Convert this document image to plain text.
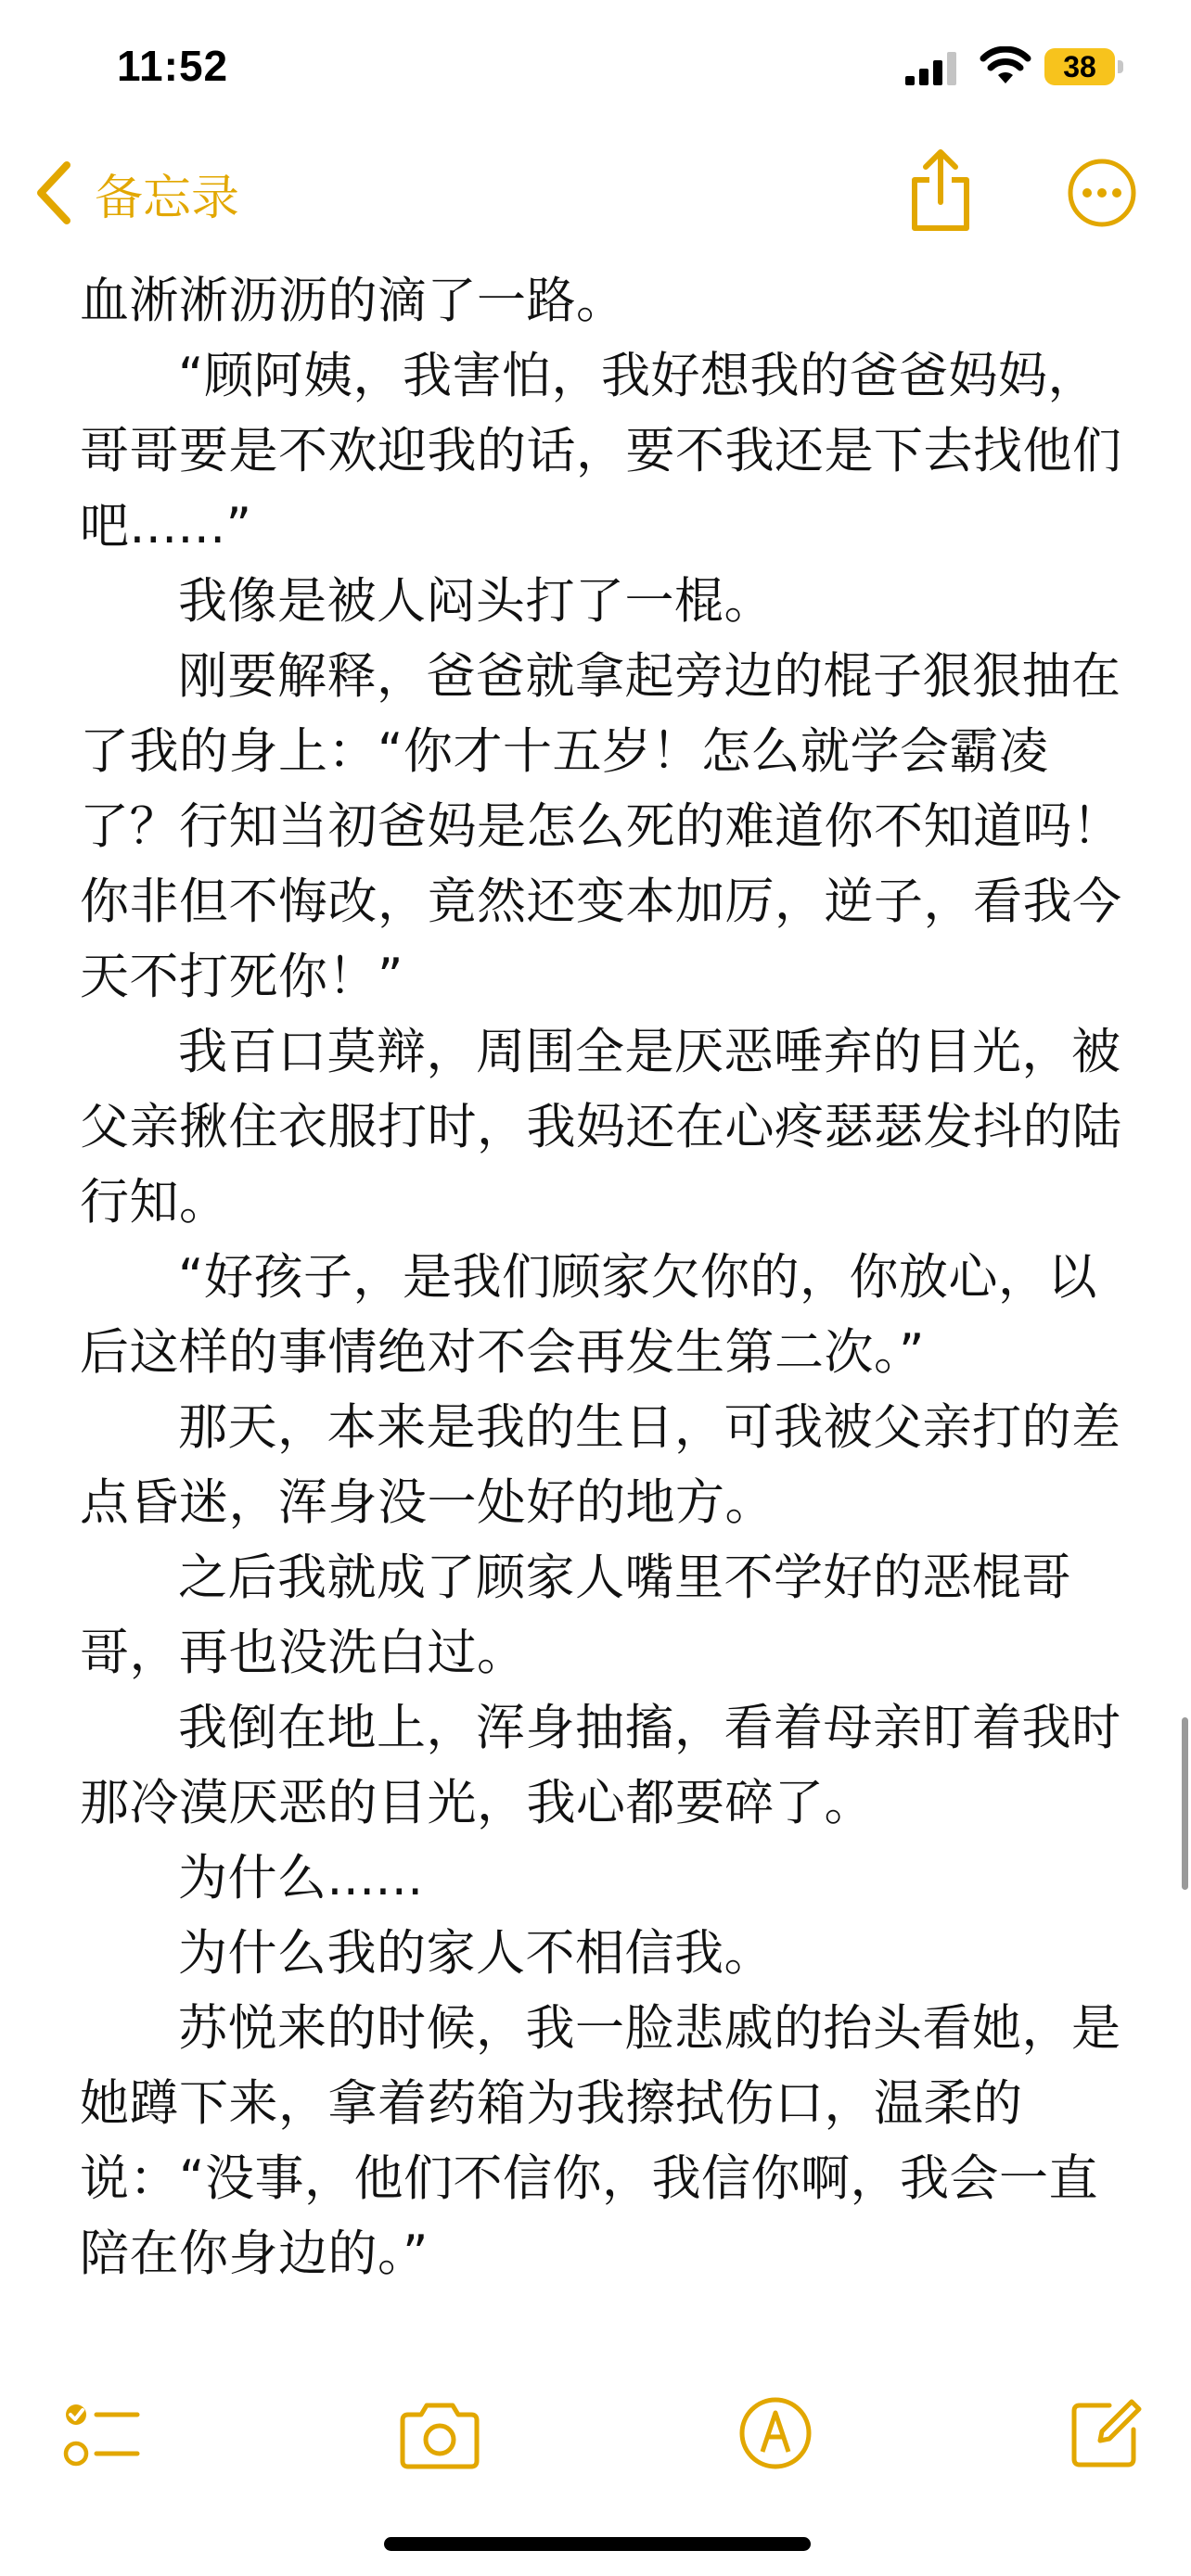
11:52	38
备忘录

血淅淅沥沥的滴了一路。

“顾阿姨，我害怕，我好想我的爸爸妈妈，哥哥要是不欢迎我的话，要不我还是下去找他们吧......”

我像是被人闷头打了一棍。

刚要解释，爸爸就拿起旁边的棍子狠狠抽在了我的身上：“你才十五岁！怎么就学会霸凌了？行知当初爸妈是怎么死的难道你不知道吗！你非但不悔改，竟然还变本加厉，逆子，看我今天不打死你！”

我百口莫辩，周围全是厌恶唾弃的目光，被父亲揪住衣服打时，我妈还在心疼瑟瑟发抖的陆行知。

“好孩子，是我们顾家欠你的，你放心，以后这样的事情绝对不会再发生第二次。”

那天，本来是我的生日，可我被父亲打的差点昏迷，浑身没一处好的地方。

之后我就成了顾家人嘴里不学好的恶棍哥哥，再也没洗白过。

我倒在地上，浑身抽搐，看着母亲盯着我时那冷漠厌恶的目光，我心都要碎了。

为什么......

为什么我的家人不相信我。

苏悦来的时候，我一脸悲戚的抬头看她，是她蹲下来，拿着药箱为我擦拭伤口，温柔的说：“没事，他们不信你，我信你啊，我会一直陪在你身边的。”
